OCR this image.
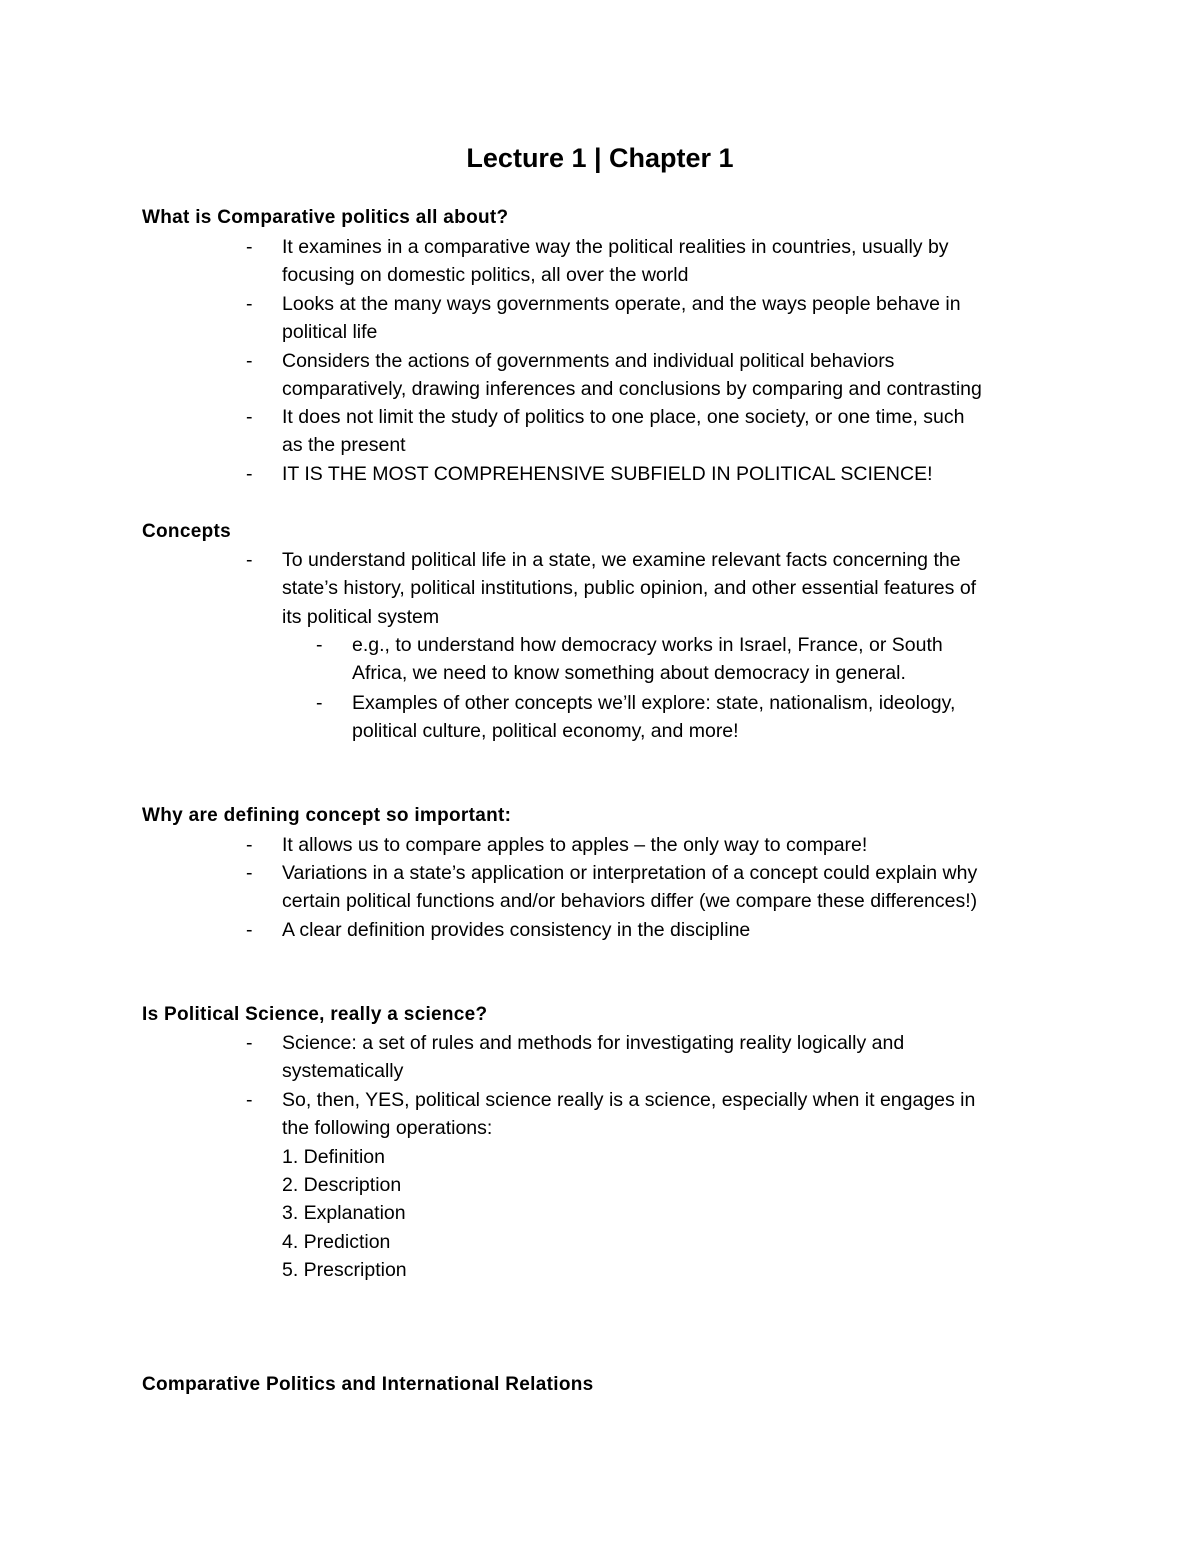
Lecture 1 | Chapter 1
What is Comparative politics all about?
- It examines in a comparative way the political realities in countries, usually by
focusing on domestic politics, all over the world
- Looks at the many ways governments operate, and the ways people behave in
political life
- Considers the actions of governments and individual political behaviors
comparatively, drawing inferences and conclusions by comparing and contrasting
- It does not limit the study of politics to one place, one society, or one time, such
as the present
- IT IS THE MOST COMPREHENSIVE SUBFIELD IN POLITICAL SCIENCE!
Concepts
- To understand political life in a state, we examine relevant facts concerning the
state’s history, political institutions, public opinion, and other essential features of
its political system
- e.g., to understand how democracy works in Israel, France, or South
Africa, we need to know something about democracy in general.
- Examples of other concepts we’ll explore: state, nationalism, ideology,
political culture, political economy, and more!
Why are defining concept so important:
- It allows us to compare apples to apples – the only way to compare!
- Variations in a state’s application or interpretation of a concept could explain why
certain political functions and/or behaviors differ (we compare these differences!)
- A clear definition provides consistency in the discipline
Is Political Science, really a science?
- Science: a set of rules and methods for investigating reality logically and
systematically
- So, then, YES, political science really is a science, especially when it engages in
the following operations:
1. Definition
2. Description
3. Explanation
4. Prediction
5. Prescription
Comparative Politics and International Relations
